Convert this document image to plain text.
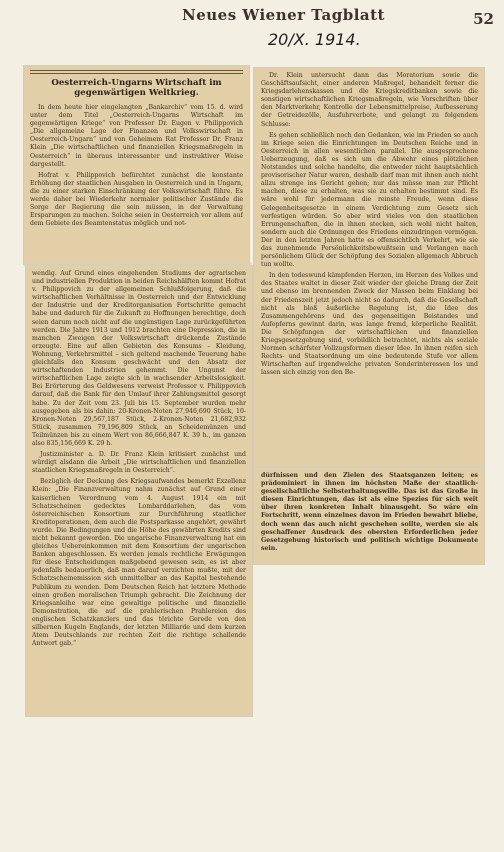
Neues Wiener Tagblatt	52
20/X. 1914.
Oesterreich-Ungarns Wirtschaft im gegenwärtigen Weltkrieg.

In dem heute hier eingelangten „Bankarchiv“ vom 15. d. wird unter dem Titel „Oesterreich-Ungarns Wirtschaft im gegenwärtigen Kriege“ von Professor Dr. Eugen v. Philippovich „Die allgemeine Lage der Finanzen und Volkswirtschaft in Oesterreich-Ungarn“ und von Geheimem Rat Professor Dr. Franz Klein „Die wirtschaftlichen und finanziellen Kriegsmaßregeln in Oesterreich“ in überaus interessanter und instruktiver Weise dargestellt.

Hofrat v. Philippovich befürchtet zunächst die konstante Erhöhung der staatlichen Ausgaben in Oesterreich und in Ungarn, die zu einer starken Einschränkung der Volkswirtschaft führe. Es werde daher bei Wiederkehr normaler politischer Zustände die Sorge der Regierung die sein müssen, in der Verwaltung Ersparungen zu machen. Solche seien in Oesterreich vor allem auf dem Gebiete des Beamtenstatus möglich und not-

wendig. Auf Grund eines eingehenden Studiums der agrarischen und industriellen Produktion in beiden Reichshälften kommt Hofrat v. Philippovich zu der allgemeinen Schlußfolgerung, daß die wirtschaftlichen Verhältnisse in Oesterreich und der Entwicklung der Industrie und der Kreditorganisation Fortschritte gemacht habe und dadurch für die Zukunft zu Hoffnungen berechtige, doch seien darum noch nicht auf die ungünstigen Lage zurückgeführten werden. Die Jahre 1913 und 1912 brachten eine Depression, die in manchen Zweigen der Volkswirtschaft drückende Zustände erzeugte. Eine auf allen Gebieten des Konsums – Kleidung, Wohnung, Verkehrsmittel – sich geltend machende Teuerung habe gleichfalls den Konsum geschwächt und den Absatz der wirtschaftenden Industrien gehemmt. Die Ungunst der wirtschaftlichen Lage zeigte sich in wachsender Arbeitslosigkeit. Bei Erörterung des Geldwesens verweist Professor v. Philippovich darauf, daß die Bank für den Umlauf ihrer Zahlungsmittel gesorgt habe. Zu der Zeit vom 23. Juli bis 15. September wurden mehr ausgegeben als bis dahin: 20-Kronen-Noten 27,946,690 Stück, 10-Kronen-Noten 29,567,187 Stück, 2-Kronen-Noten 21,682,932 Stück, zusammen 79,196,809 Stück, an Scheidemünzen und Teilmünzen bis zu einem Wert von 86,666,847 K. 39 h., im ganzen also 835,156,669 K. 29 h.

Justizminister a. D. Dr. Franz Klein kritisiert zunächst und würdigt alsdann die Arbeit „Die wirtschaftlichen und finanziellen staatlichen Kriegsmaßregeln in Oesterreich“.

Bezüglich der Deckung des Kriegsaufwandes bemerkt Exzellenz Klein: „Die Finanzverwaltung nahm zunächst auf Grund einer kaiserlichen Verordnung vom 4. August 1914 ein mit Schatzscheinen gedecktes Lombarddarlehen, das vom österreichischen Konsortium zur Durchführung staatlicher Kreditoperationen, dem auch die Postsparkasse angehört, gewährt wurde. Die Bedingungen und die Höhe des gewährten Kredits sind nicht bekannt geworden. Die ungarische Finanzverwaltung hat ein gleiches Uebereinkommen mit dem Konsortium der ungarischen Banken abgeschlossen. Es werden jemals rechtliche Erwägungen für diese Entscheidungen maßgebend gewesen sein, es ist aber jedenfalls bedauerlich, daß man darauf verzichten mußte, mit der Schatzscheinemission sich unmittelbar an das Kapital bestehende Publikum zu wenden. Dem Deutschen Reich hat letztere Methode einen großen moralischen Triumph gebracht. Die Zeichnung der Kriegsanleihe war eine gewaltige politische und finanzielle Demonstration, die auf die prahlerischen Prahlereien des englischen Schatzkanzlers und das törichte Gerede von den silbernen Kugeln Englands, der letzten Milliarde und dem kurzen Atem Deutschlands zur rechten Zeit die richtige schallende Antwort gab.“

Dr. Klein untersucht dann das Moratorium sowie die Geschäftsaufsicht, einer anderen Maßregel, behandelt ferner die Kriegsdarlehenskassen und die Kriegskreditbanken sowie die sonstigen wirtschaftlichen Kriegsmaßregeln, wie Vorschriften über den Marktverkehr, Kontrolle der Lebensmittelpreise, Aufbesserung der Getreidezölle, Ausfuhrverbote, und gelangt zu folgendem Schlusse:

Es gehen schließlich noch den Gedanken, wie im Frieden so auch im Kriege seien die Einrichtungen im Deutschen Reiche und in Oesterreich in allen wesentlichen parallel. Die ausgesprochene Ueberzeugung, daß es sich um die Abwehr eines plötzlichen Notstandes und solche handelte, die entweder nicht hauptsächlich provisorischer Natur waren, deshalb darf man mit ihnen auch nicht allzu strenge ins Gericht gehen; nur das müsse man zur Pflicht machen, diese zu erhalten, was sie zu erhalten bestimmt sind. Es wäre wohl für jedermann die reinste Freude, wenn diese Gelegenheitsgesetze in einem Verdichtung zum Gesetz sich verfestigen würden. So aber wird vieles von den staatlichen Errungenschaften, die in ihnen stecken, sich wohl nicht halten, sondern auch die Ordnungen des Friedens einzudringen vermögen. Der in den letzten Jahren hatte es offensichtlich Verkehrt, wie sie das zunehmende Persönlichkeitsbewußtsein und Verlangen nach persönlichem Glück der Schöpfung des Sozialen allgemach Abbruch tun wollte.

In den todeswund kämpfenden Herzen, im Herzen des Volkes und des Staates waltet in dieser Zeit wieder der gleiche Drang der Zeit und ebenso im brennenden Zweck der Massen beim Einklang bei der Friedenszeit jetzt jedoch nicht so dadurch, daß die Gesellschaft nicht als bloß äußerliche Regelung ist, die Idee des Zusammengehörens und des gegenseitigen Beistandes und Aufopferns gewinnt darin, was lange fremd, körperliche Realität. Die Schöpfungen der wirtschaftlichen und finanziellen Kriegsgesetzgebung sind, vorbildlich betrachtet, nichts als soziale Normen schärfster Vollzugsformen dieser Idee. In ihnen reifen sich Rechts- und Staatsordnung um eine bedeutende Stufe vor allem Wirtschaften auf irgendwelche privaten Sonderinteressen los und lassen sich einzig von den Be-

dürfnissen und den Zielen des Staatsganzen leiten; es prädominiert in ihnen im höchsten Maße der staatlich-gesellschaftliche Selbsterhaltungswille. Das ist das Große in diesen Einrichtungen, das ist als eine Spezies für sich weit über ihren konkreten Inhalt hinausgeht. So wäre ein Fortschritt, wenn einzelnes davon im Frieden bewahrt bliebe, doch wenn das auch nicht geschehen sollte, werden sie als geschaffener Ausdruck des obersten Erforderlichen jeder Gesetzgebung historisch und politisch wichtige Dokumente sein.
